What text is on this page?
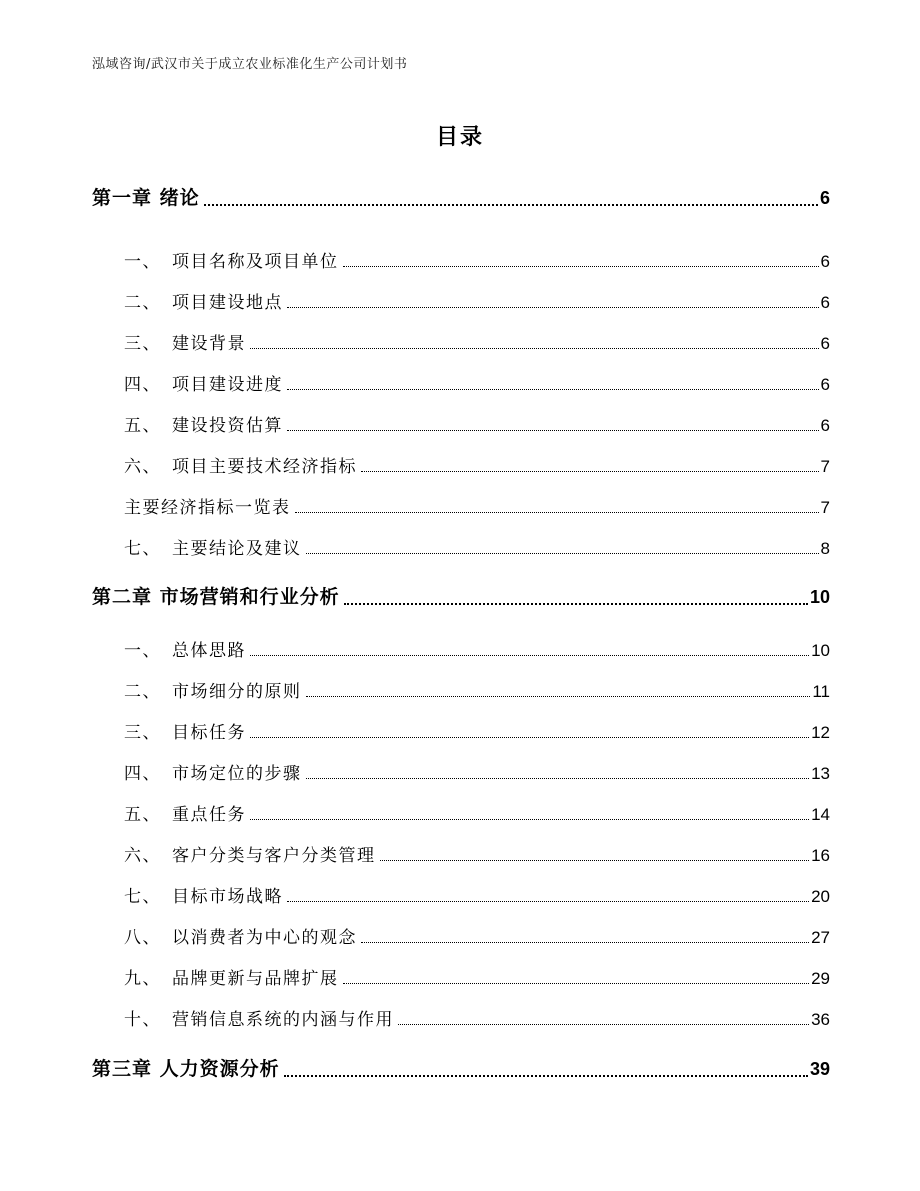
泓域咨询/武汉市关于成立农业标准化生产公司计划书
目录
第一章 绪论	6
一、 项目名称及项目单位	6
二、 项目建设地点	6
三、 建设背景	6
四、 项目建设进度	6
五、 建设投资估算	6
六、 项目主要技术经济指标	7
主要经济指标一览表	7
七、 主要结论及建议	8
第二章 市场营销和行业分析	10
一、 总体思路	10
二、 市场细分的原则	11
三、 目标任务	12
四、 市场定位的步骤	13
五、 重点任务	14
六、 客户分类与客户分类管理	16
七、 目标市场战略	20
八、 以消费者为中心的观念	27
九、 品牌更新与品牌扩展	29
十、 营销信息系统的内涵与作用	36
第三章 人力资源分析	39
